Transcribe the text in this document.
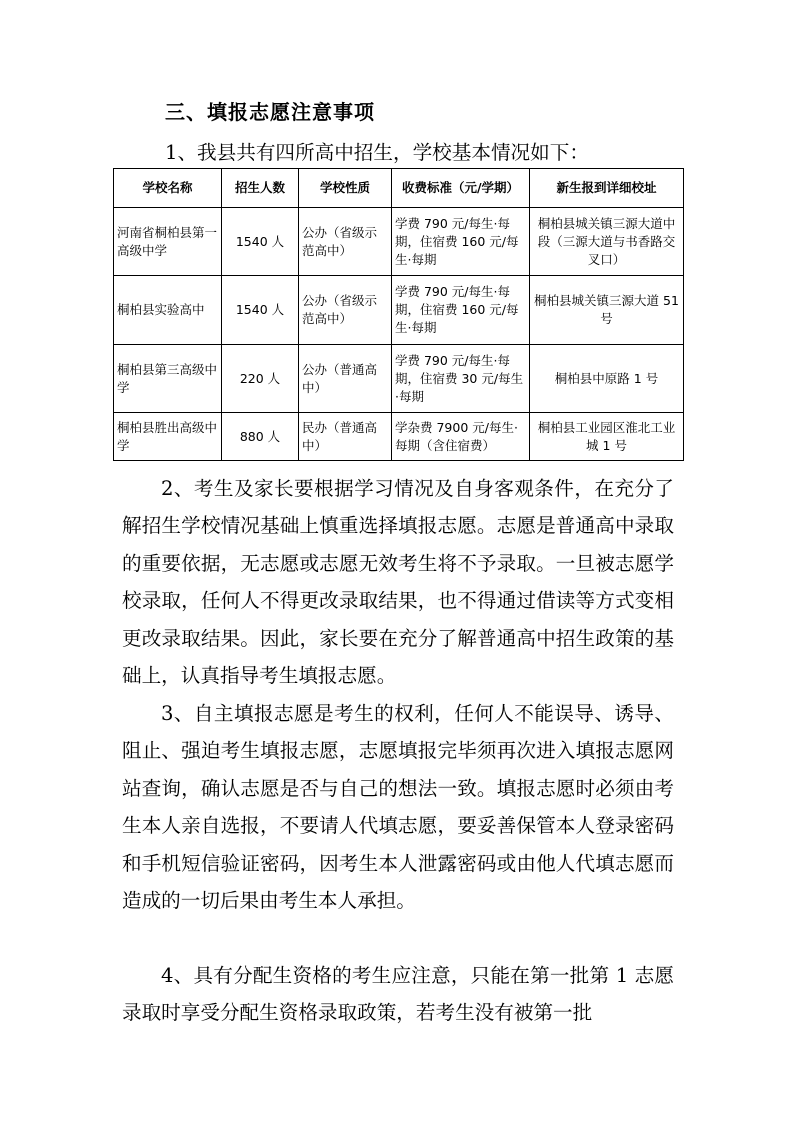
三、填报志愿注意事项
1、我县共有四所高中招生，学校基本情况如下：
学校名称	招生人数	学校性质	收费标准（元/学期）	新生报到详细校址
河南省桐柏县第一高级中学	1540 人	公办（省级示范高中）	学费 790 元/每生·每期，住宿费 160 元/每生·每期	桐柏县城关镇三源大道中段（三源大道与书香路交叉口）
桐柏县实验高中	1540 人	公办（省级示范高中）	学费 790 元/每生·每期，住宿费 160 元/每生·每期	桐柏县城关镇三源大道 51 号
桐柏县第三高级中学	220 人	公办（普通高中）	学费 790 元/每生·每期，住宿费 30 元/每生·每期	桐柏县中原路 1 号
桐柏县胜出高级中学	880 人	民办（普通高中）	学杂费 7900 元/每生·每期（含住宿费）	桐柏县工业园区淮北工业城 1 号
2、考生及家长要根据学习情况及自身客观条件，在充分了解招生学校情况基础上慎重选择填报志愿。志愿是普通高中录取的重要依据，无志愿或志愿无效考生将不予录取。一旦被志愿学校录取，任何人不得更改录取结果，也不得通过借读等方式变相更改录取结果。因此，家长要在充分了解普通高中招生政策的基础上，认真指导考生填报志愿。
3、自主填报志愿是考生的权利，任何人不能误导、诱导、阻止、强迫考生填报志愿，志愿填报完毕须再次进入填报志愿网站查询，确认志愿是否与自己的想法一致。填报志愿时必须由考生本人亲自选报，不要请人代填志愿，要妥善保管本人登录密码和手机短信验证密码，因考生本人泄露密码或由他人代填志愿而造成的一切后果由考生本人承担。
4、具有分配生资格的考生应注意，只能在第一批第 1 志愿录取时享受分配生资格录取政策，若考生没有被第一批
